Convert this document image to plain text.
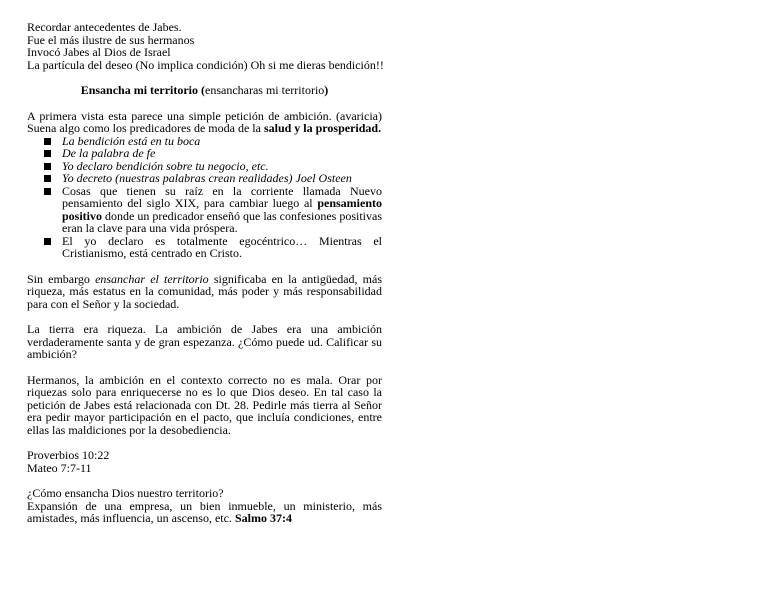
Recordar antecedentes de Jabes.
Fue el más ilustre de sus hermanos
Invocó Jabes al Dios de Israel
La partícula del deseo (No implica condición) Oh si me dieras bendición!!
Ensancha mi territorio (ensancharas mi territorio)
A primera vista esta parece una simple petición de ambición. (avaricia) Suena algo como los predicadores de moda de la salud y la prosperidad.
La bendición está en tu boca
De la palabra de fe
Yo declaro bendición sobre tu negocio, etc.
Yo decreto (nuestras palabras crean realidades) Joel Osteen
Cosas que tienen su raíz en la corriente llamada Nuevo pensamiento del siglo XIX, para cambiar luego al pensamiento positivo donde un predicador enseñó que las confesiones positivas eran la clave para una vida próspera.
El yo declaro es totalmente egocéntrico… Mientras el Cristianismo, está centrado en Cristo.
Sin embargo ensanchar el territorio significaba en la antigüedad, más riqueza, más estatus en la comunidad, más poder y más responsabilidad para con el Señor y la sociedad.
La tierra era riqueza. La ambición de Jabes era una ambición verdaderamente santa y de gran espezanza. ¿Cómo puede ud. Calificar su ambición?
Hermanos, la ambición en el contexto correcto no es mala. Orar por riquezas solo para enriquecerse no es lo que Dios deseo. En tal caso la petición de Jabes está relacionada con Dt. 28. Pedirle más tierra al Señor era pedir mayor participación en el pacto, que incluía condiciones, entre ellas las maldiciones por la desobediencia.
Proverbios 10:22
Mateo 7:7-11
¿Cómo ensancha Dios nuestro territorio?
Expansión de una empresa, un bien inmueble, un ministerio, más amistades, más influencia, un ascenso, etc. Salmo 37:4
